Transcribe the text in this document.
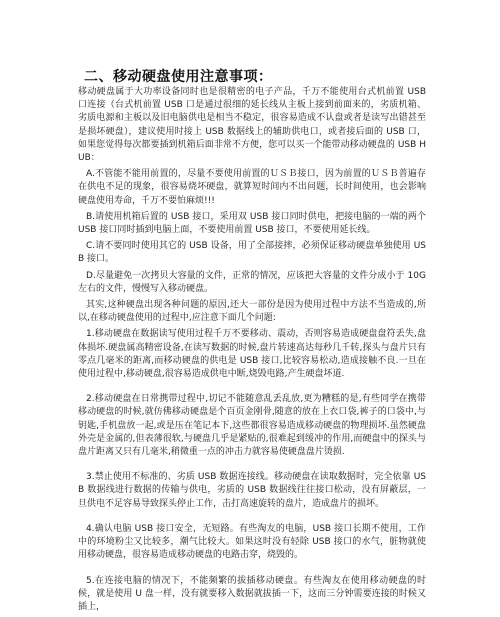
二、移动硬盘使用注意事项：

移动硬盘属于大功率设备同时也是很精密的电子产品，千万不能使用台式机前置 USB 口连接（台式机前置 USB 口是通过很细的延长线从主板上接到前面来的，劣质机箱、劣质电源和主板以及旧电脑供电是相当不稳定，很容易造成不认盘或者是读写出错甚至是损坏硬盘），建议使用时接上 USB 数据线上的辅助供电口，或者接后面的 USB 口，如果您觉得每次都要插到机箱后面非常不方便，您可以买一个能带动移动硬盘的 USB HUB：

A.不管能不能用前置的，尽量不要使用前置的ＵＳＢ接口，因为前置的ＵＳＢ普遍存在供电不足的现象，很容易烧坏硬盘，就算短时间内不出问题，长时间使用，也会影响硬盘使用寿命，千万不要怕麻烦!!!

B.请使用机箱后置的 USB 接口，采用双 USB 接口同时供电，把接电脑的一端的两个 USB 接口同时插到电脑上面，不要使用前置 USB 接口，不要使用延长线。

C.请不要同时使用其它的 USB 设备，用了全部接摔，必须保证移动硬盘单独使用 USB 接口。

D.尽量避免一次拷贝大容量的文件，正常的情况，应该把大容量的文件分成小于 10G 左右的文件，慢慢写入移动硬盘。

其实,这种硬盘出现各种问题的原因,还大一部份是因为使用过程中方法不当造成的,所以,在移动硬盘使用的过程中,应注意下面几个问题:

1.移动硬盘在数据读写使用过程千万不要移动、震动，否则容易造成硬盘盘符丢失,盘体损坏.硬盘属高精密设备,在读写数据的时候,盘片转速高达每秒几千转,探头与盘片只有零点几毫米的距离,而移动硬盘的供电是 USB 接口,比较容易松动,造成接触不良.一旦在使用过程中,移动硬盘,很容易造成供电中断,烧毁电路,产生硬盘坏道.

2.移动硬盘在日常携带过程中,切记不能随意乱丢乱放,更为糟糕的是,有些同学在携带移动硬盘的时候,就仿佛移动硬盘是个百页金刚骨,随意的放在上衣口袋,裤子的口袋中,与钥匙,手机盘放一起,或是压在笔记本下,这些都很容易造成移动硬盘的物理损坏.虽然硬盘外壳是金属的,但表薄很软,与硬盘几乎是紧贴的,很难起到缓冲的作用,而硬盘中的探头与盘片距离又只有几毫米,稍微重一点的冲击力就容易使硬盘盘片烫损.

3.禁止使用不标准的、劣质 USB 数据连接线。移动硬盘在读取数据时，完全依靠 USB 数据线进行数据的传输与供电，劣质的 USB 数据线往往接口松动，没有屏蔽层，一旦供电不足容易导致探头停止工作，击打高速旋转的盘片，造成盘片的损坏。

4.确认电脑 USB 接口安全，无短路。有些淘友的电脑，USB 接口长期不使用，工作中的环境粉尘又比较多，潮气比较大。如果这时没有轻除 USB 接口的水气，脏物就使用移动硬盘，很容易造成移动硬盘的电路击穿，烧毁的。

5.在连接电脑的情况下，不能频繁的拔插移动硬盘。有些淘友在使用移动硬盘的时候，就是使用 U 盘一样，没有就要移入数据就拔插一下，这而三分钟需要连接的时候又插上，
